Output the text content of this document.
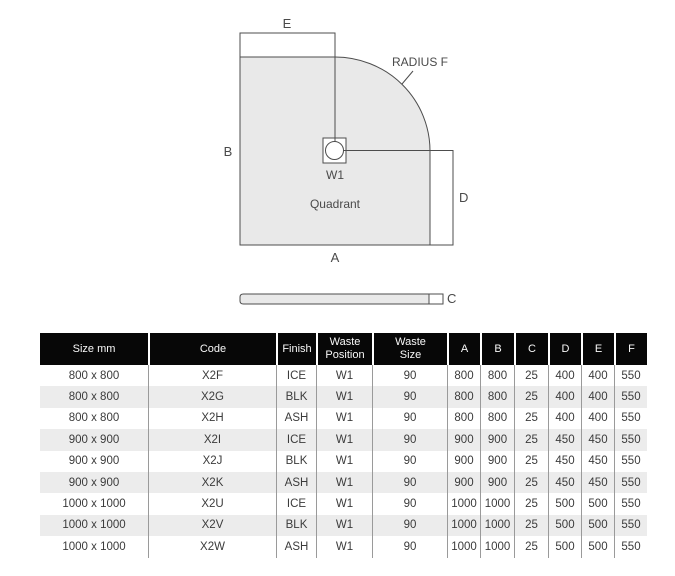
E
B
A
D
C
W1
Quadrant
RADIUS F
Size mm	Code	Finish	Waste Position	Waste Size	A	B	C	D	E	F
800 x 800	X2F	ICE	W1	90	800	800	25	400	400	550
800 x 800	X2G	BLK	W1	90	800	800	25	400	400	550
800 x 800	X2H	ASH	W1	90	800	800	25	400	400	550
900 x 900	X2I	ICE	W1	90	900	900	25	450	450	550
900 x 900	X2J	BLK	W1	90	900	900	25	450	450	550
900 x 900	X2K	ASH	W1	90	900	900	25	450	450	550
1000 x 1000	X2U	ICE	W1	90	1000	1000	25	500	500	550
1000 x 1000	X2V	BLK	W1	90	1000	1000	25	500	500	550
1000 x 1000	X2W	ASH	W1	90	1000	1000	25	500	500	550
